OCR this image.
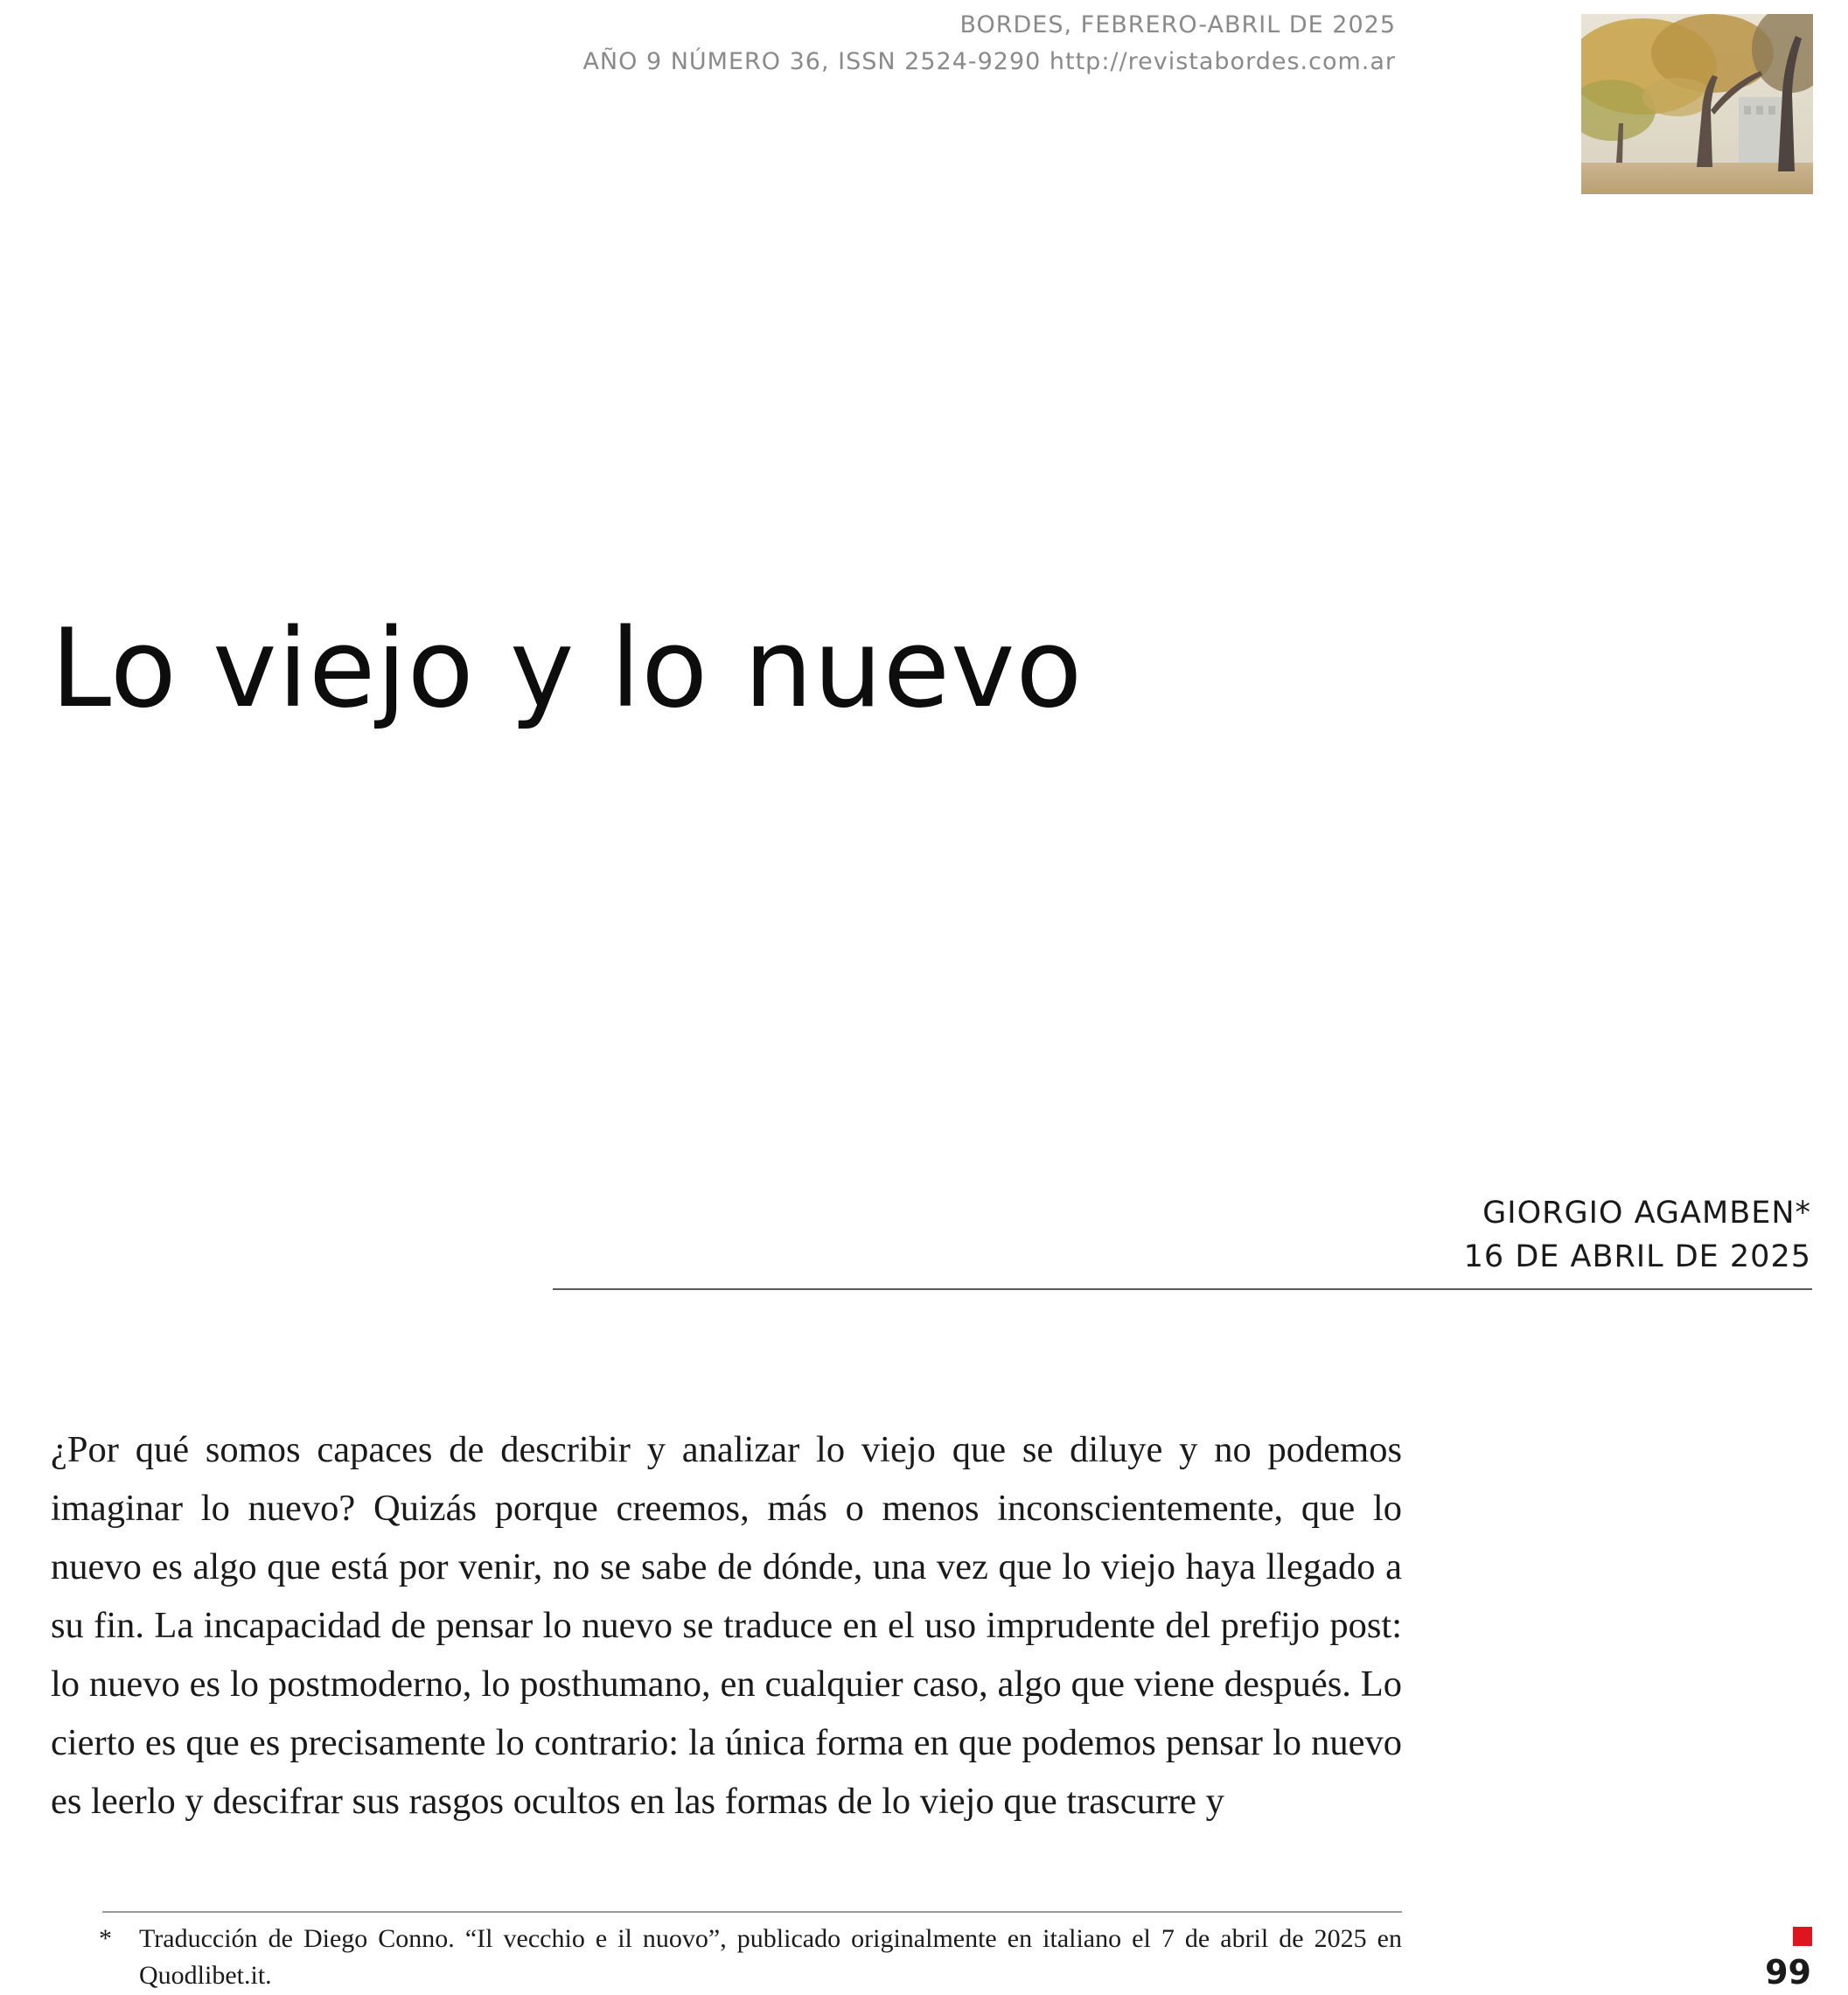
BORDES, FEBRERO-ABRIL DE 2025
AÑO 9 NÚMERO 36, ISSN 2524-9290 http://revistabordes.com.ar
Lo viejo y lo nuevo
GIORGIO AGAMBEN*
16 DE ABRIL DE 2025

¿Por qué somos capaces de describir y analizar lo viejo que se diluye y no podemos imaginar lo nuevo? Quizás porque creemos, más o menos inconscientemente, que lo nuevo es algo que está por venir, no se sabe de dónde, una vez que lo viejo haya llegado a su fin. La incapacidad de pensar lo nuevo se traduce en el uso imprudente del prefijo post: lo nuevo es lo postmoderno, lo posthumano, en cualquier caso, algo que viene después. Lo cierto es que es precisamente lo contrario: la única forma en que podemos pensar lo nuevo es leerlo y descifrar sus rasgos ocultos en las formas de lo viejo que trascurre y

* Traducción de Diego Conno. “Il vecchio e il nuovo”, publicado originalmente en italiano el 7 de abril de 2025 en Quodlibet.it.	99
